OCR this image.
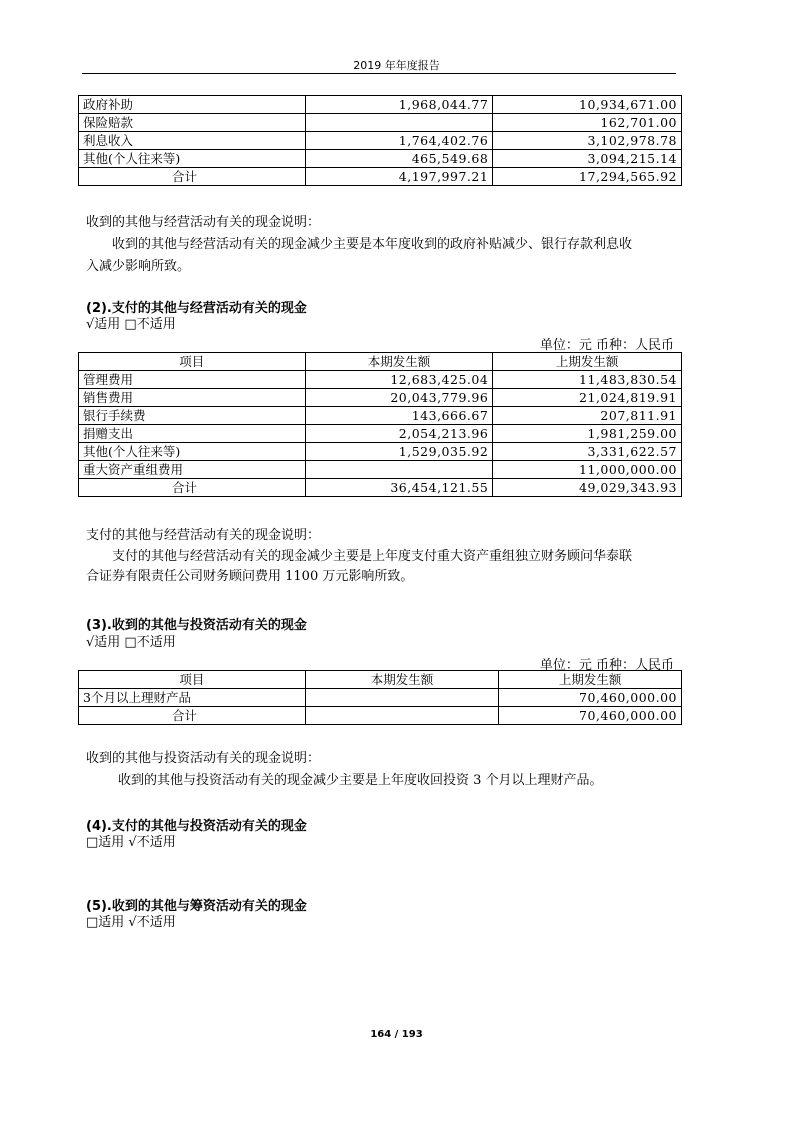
2019 年年度报告
政府补助	1,968,044.77	10,934,671.00
保险赔款		162,701.00
利息收入	1,764,402.76	3,102,978.78
其他(个人往来等)	465,549.68	3,094,215.14
合计	4,197,997.21	17,294,565.92
收到的其他与经营活动有关的现金说明：
收到的其他与经营活动有关的现金减少主要是本年度收到的政府补贴减少、银行存款利息收
入减少影响所致。
(2).支付的其他与经营活动有关的现金
√适用 □不适用
单位：元 币种：人民币
项目	本期发生额	上期发生额
管理费用	12,683,425.04	11,483,830.54
销售费用	20,043,779.96	21,024,819.91
银行手续费	143,666.67	207,811.91
捐赠支出	2,054,213.96	1,981,259.00
其他(个人往来等)	1,529,035.92	3,331,622.57
重大资产重组费用		11,000,000.00
合计	36,454,121.55	49,029,343.93
支付的其他与经营活动有关的现金说明：
支付的其他与经营活动有关的现金减少主要是上年度支付重大资产重组独立财务顾问华泰联
合证券有限责任公司财务顾问费用 1100 万元影响所致。
(3).收到的其他与投资活动有关的现金
√适用 □不适用
单位：元 币种：人民币
项目	本期发生额	上期发生额
3个月以上理财产品		70,460,000.00
合计		70,460,000.00
收到的其他与投资活动有关的现金说明：
收到的其他与投资活动有关的现金减少主要是上年度收回投资 3 个月以上理财产品。
(4).支付的其他与投资活动有关的现金
□适用 √不适用
(5).收到的其他与筹资活动有关的现金
□适用 √不适用
164 / 193
